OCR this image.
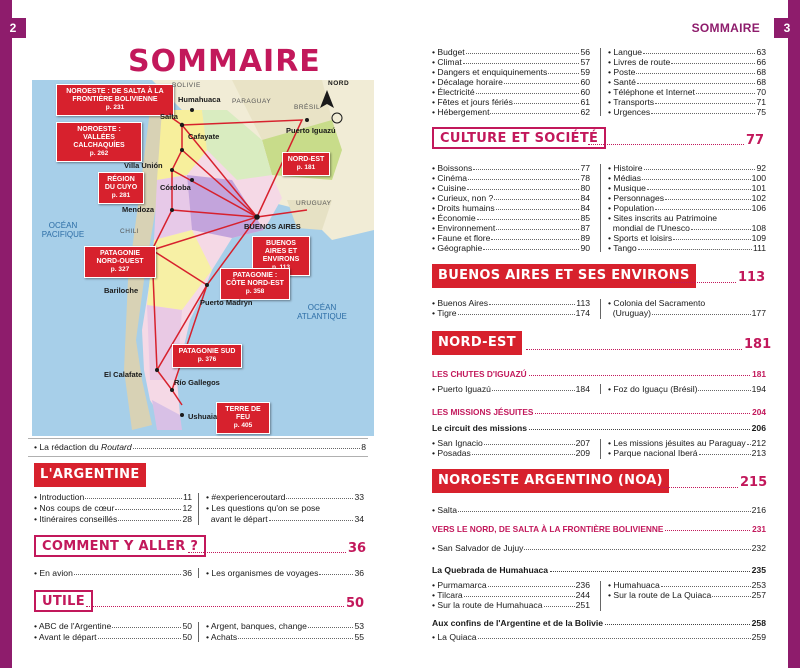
2	3
SOMMAIRE
SOMMAIRE
NOROESTE : DE SALTA À LA FRONTIÈRE BOLIVIENNE
p. 231
NOROESTE : VALLÉES CALCHAQUÍES
p. 262
RÉGION DU CUYO
p. 281
PATAGONIE NORD-OUEST
p. 327
NORD-EST
p. 181
BUENOS AIRES ET ENVIRONS
PATAGONIE : CÔTE NORD-EST
p. 358
PATAGONIE SUD
p. 376
TERRE DE FEU
p. 405
Humahuaca
Salta
Cafayate
Villa Unión
Córdoba
Mendoza
BUENOS AIRES
Bariloche
Puerto Madryn
El Calafate
Río Gallegos
Ushuaia
Puerto Iguazú
BOLIVIE
PARAGUAY
BRÉSIL
CHILI
URUGUAY
OCÉAN PACIFIQUE
OCÉAN ATLANTIQUE
NORD
• La rédaction du Routard	8
L'ARGENTINE
• Introduction	11
• Nos coups de cœur	12
• Itinéraires conseillés	28
• #experienceroutard	33
• Les questions qu'on se pose
avant le départ	34
COMMENT Y ALLER ?	36
• En avion	36 • Les organismes de voyages	36
UTILE	50
• ABC de l'Argentine	50
• Avant le départ	50
• Argent, banques, change	53
• Achats	55
• Budget	56
• Climat	57
• Dangers et enquiquinements	59
• Décalage horaire	60
• Électricité	60
• Fêtes et jours fériés	61
• Hébergement	62
• Langue	63
• Livres de route	66
• Poste	68
• Santé	68
• Téléphone et Internet	70
• Transports	71
• Urgences	75
CULTURE ET SOCIÉTÉ	77
• Boissons	77
• Cinéma	78
• Cuisine	80
• Curieux, non ?	84
• Droits humains	84
• Économie	85
• Environnement	87
• Faune et flore	89
• Géographie	90
• Histoire	92
• Médias	100
• Musique	101
• Personnages	102
• Population	106
• Sites inscrits au Patrimoine
mondial de l'Unesco	108
• Sports et loisirs	109
• Tango	111
BUENOS AIRES ET SES ENVIRONS	113
• Buenos Aires	113
• Tigre	174
• Colonia del Sacramento
(Uruguay)	177
NORD-EST	181
LES CHUTES D'IGUAZÚ	181
• Puerto Iguazú	184 • Foz do Iguaçu (Brésil)	194
LES MISSIONS JÉSUITES	204
Le circuit des missions	206
• San Ignacio	207
• Posadas	209
• Les missions jésuites au Paraguay 212
• Parque nacional Iberá	213
NOROESTE ARGENTINO (NOA)	215
• Salta	216
VERS LE NORD, DE SALTA À LA FRONTIÈRE BOLIVIENNE	231
• San Salvador de Jujuy	232
La Quebrada de Humahuaca	235
• Purmamarca	236
• Tilcara	244
• Sur la route de Humahuaca	251
• Humahuaca	253
• Sur la route de La Quiaca	257
Aux confins de l'Argentine et de la Bolivie	258
• La Quiaca	259
